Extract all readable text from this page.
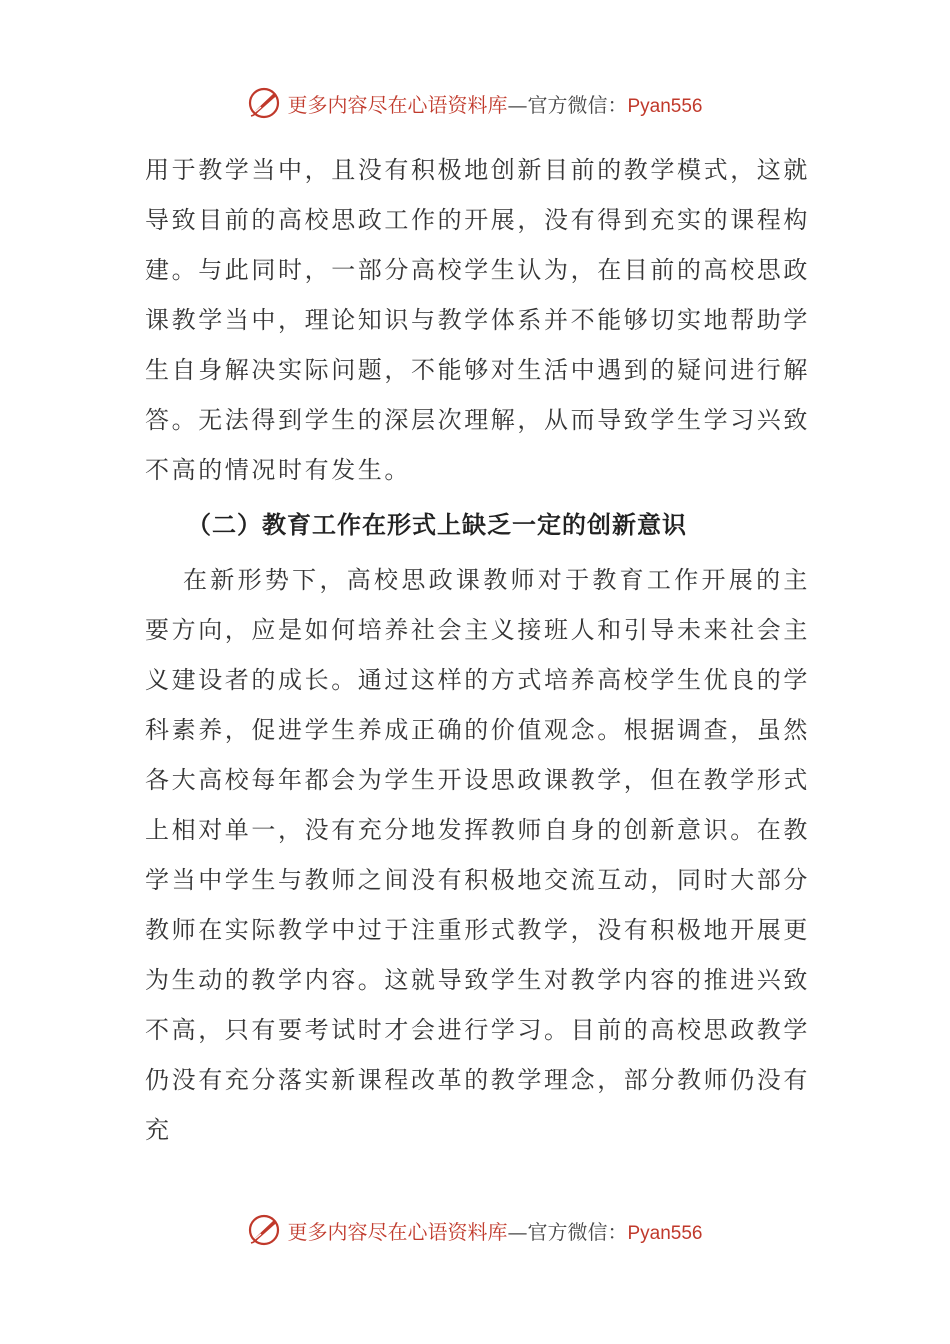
更多内容尽在心语资料库 —官方微信： Pyan556

用于教学当中，且没有积极地创新目前的教学模式，这就导致目前的高校思政工作的开展，没有得到充实的课程构建。与此同时，一部分高校学生认为，在目前的高校思政课教学当中，理论知识与教学体系并不能够切实地帮助学生自身解决实际问题，不能够对生活中遇到的疑问进行解答。无法得到学生的深层次理解，从而导致学生学习兴致不高的情况时有发生。

（二）教育工作在形式上缺乏一定的创新意识

在新形势下，高校思政课教师对于教育工作开展的主要方向，应是如何培养社会主义接班人和引导未来社会主义建设者的成长。通过这样的方式培养高校学生优良的学科素养，促进学生养成正确的价值观念。根据调查，虽然各大高校每年都会为学生开设思政课教学，但在教学形式上相对单一，没有充分地发挥教师自身的创新意识。在教学当中学生与教师之间没有积极地交流互动，同时大部分教师在实际教学中过于注重形式教学，没有积极地开展更为生动的教学内容。这就导致学生对教学内容的推进兴致不高，只有要考试时才会进行学习。目前的高校思政教学仍没有充分落实新课程改革的教学理念，部分教师仍没有充

更多内容尽在心语资料库 —官方微信： Pyan556
